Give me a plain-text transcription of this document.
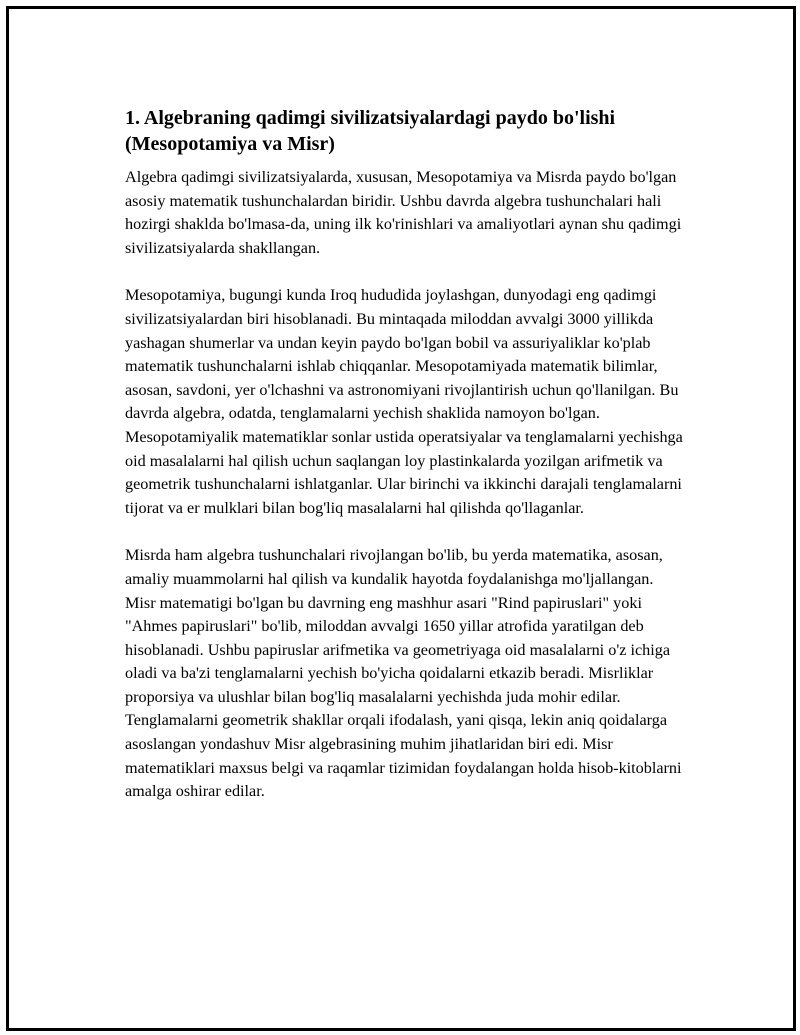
1. Algebraning qadimgi sivilizatsiyalardagi paydo bo'lishi (Mesopotamiya va Misr)

Algebra qadimgi sivilizatsiyalarda, xususan, Mesopotamiya va Misrda paydo bo'lgan asosiy matematik tushunchalardan biridir. Ushbu davrda algebra tushunchalari hali hozirgi shaklda bo'lmasa-da, uning ilk ko'rinishlari va amaliyotlari aynan shu qadimgi sivilizatsiyalarda shakllangan.

Mesopotamiya, bugungi kunda Iroq hududida joylashgan, dunyodagi eng qadimgi sivilizatsiyalardan biri hisoblanadi. Bu mintaqada miloddan avvalgi 3000 yillikda yashagan shumerlar va undan keyin paydo bo'lgan bobil va assuriyaliklar ko'plab matematik tushunchalarni ishlab chiqqanlar. Mesopotamiyada matematik bilimlar, asosan, savdoni, yer o'lchashni va astronomiyani rivojlantirish uchun qo'llanilgan. Bu davrda algebra, odatda, tenglamalarni yechish shaklida namoyon bo'lgan. Mesopotamiyalik matematiklar sonlar ustida operatsiyalar va tenglamalarni yechishga oid masalalarni hal qilish uchun saqlangan loy plastinkalarda yozilgan arifmetik va geometrik tushunchalarni ishlatganlar. Ular birinchi va ikkinchi darajali tenglamalarni tijorat va er mulklari bilan bog'liq masalalarni hal qilishda qo'llaganlar.

Misrda ham algebra tushunchalari rivojlangan bo'lib, bu yerda matematika, asosan, amaliy muammolarni hal qilish va kundalik hayotda foydalanishga mo'ljallangan. Misr matematigi bo'lgan bu davrning eng mashhur asari "Rind papiruslari" yoki "Ahmes papiruslari" bo'lib, miloddan avvalgi 1650 yillar atrofida yaratilgan deb hisoblanadi. Ushbu papiruslar arifmetika va geometriyaga oid masalalarni o'z ichiga oladi va ba'zi tenglamalarni yechish bo'yicha qoidalarni etkazib beradi. Misrliklar proporsiya va ulushlar bilan bog'liq masalalarni yechishda juda mohir edilar. Tenglamalarni geometrik shakllar orqali ifodalash, yani qisqa, lekin aniq qoidalarga asoslangan yondashuv Misr algebrasining muhim jihatlaridan biri edi. Misr matematiklari maxsus belgi va raqamlar tizimidan foydalangan holda hisob-kitoblarni amalga oshirar edilar.
